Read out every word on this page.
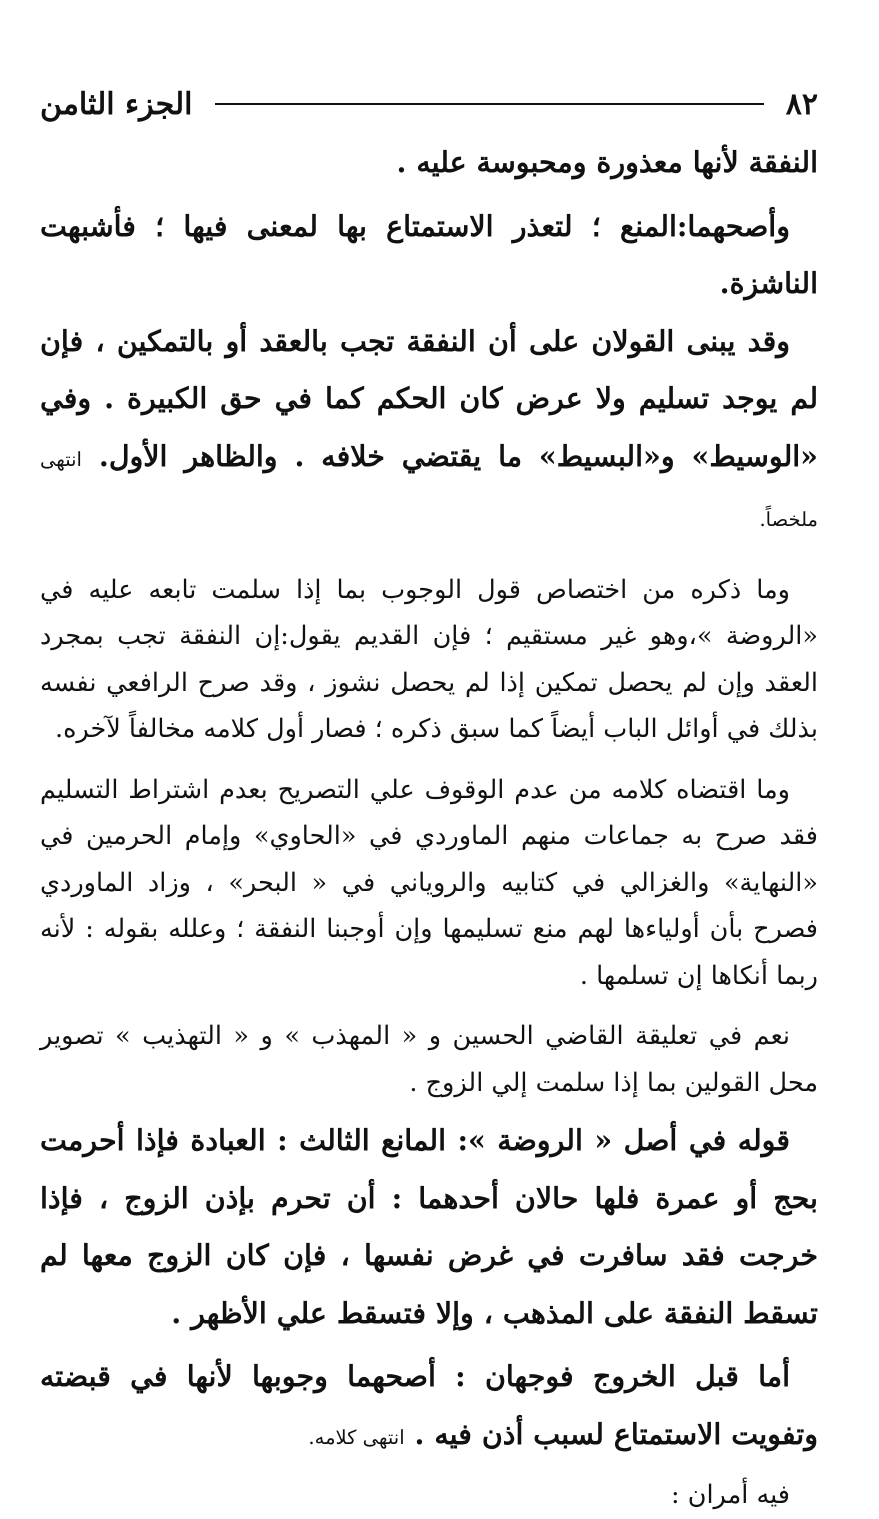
٨٢
الجزء الثامن

النفقة لأنها معذورة ومحبوسة عليه .

وأصحهما:المنع ؛ لتعذر الاستمتاع بها لمعنى فيها ؛ فأشبهت الناشزة.

وقد يبنى القولان على أن النفقة تجب بالعقد أو بالتمكين ، فإن لم يوجد تسليم ولا عرض كان الحكم كما في حق الكبيرة . وفي «الوسيط» و«البسيط» ما يقتضي خلافه . والظاهر الأول. انتهى ملخصاً.

وما ذكره من اختصاص قول الوجوب بما إذا سلمت تابعه عليه في «الروضة »،وهو غير مستقيم ؛ فإن القديم يقول:إن النفقة تجب بمجرد العقد وإن لم يحصل تمكين إذا لم يحصل نشوز ، وقد صرح الرافعي نفسه بذلك في أوائل الباب أيضاً كما سبق ذكره ؛ فصار أول كلامه مخالفاً لآخره.

وما اقتضاه كلامه من عدم الوقوف علي التصريح بعدم اشتراط التسليم فقد صرح به جماعات منهم الماوردي في «الحاوي» وإمام الحرمين في «النهاية» والغزالي في كتابيه والروياني في « البحر» ، وزاد الماوردي فصرح بأن أولياءها لهم منع تسليمها وإن أوجبنا النفقة ؛ وعلله بقوله : لأنه ربما أنكاها إن تسلمها .

نعم في تعليقة القاضي الحسين و « المهذب » و « التهذيب » تصوير محل القولين بما إذا سلمت إلي الزوج .

قوله في أصل « الروضة »: المانع الثالث : العبادة فإذا أحرمت بحج أو عمرة فلها حالان أحدهما : أن تحرم بإذن الزوج ، فإذا خرجت فقد سافرت في غرض نفسها ، فإن كان الزوج معها لم تسقط النفقة على المذهب ، وإلا فتسقط علي الأظهر .

أما قبل الخروج فوجهان : أصحهما وجوبها لأنها في قبضته وتفويت الاستمتاع لسبب أذن فيه . انتهى كلامه.

فيه أمران :
